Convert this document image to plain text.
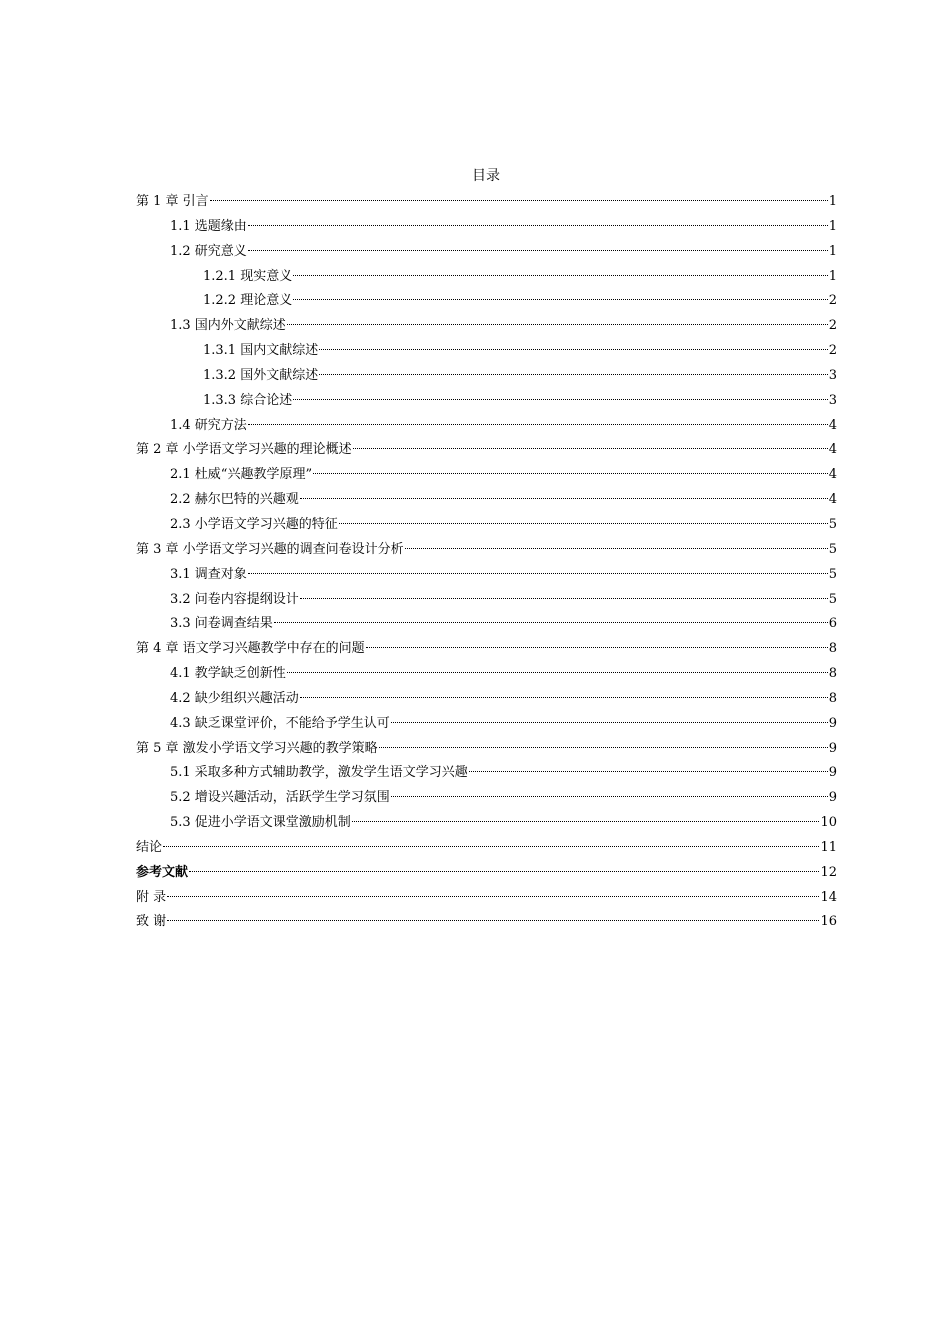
目录
第 1 章 引言	1
1.1 选题缘由	1
1.2 研究意义	1
1.2.1 现实意义	1
1.2.2 理论意义	2
1.3 国内外文献综述	2
1.3.1 国内文献综述	2
1.3.2 国外文献综述	3
1.3.3 综合论述	3
1.4 研究方法	4
第 2 章 小学语文学习兴趣的理论概述	4
2.1 杜威“兴趣教学原理”	4
2.2 赫尔巴特的兴趣观	4
2.3 小学语文学习兴趣的特征	5
第 3 章 小学语文学习兴趣的调查问卷设计分析	5
3.1 调查对象	5
3.2 问卷内容提纲设计	5
3.3 问卷调查结果	6
第 4 章 语文学习兴趣教学中存在的问题	8
4.1 教学缺乏创新性	8
4.2 缺少组织兴趣活动	8
4.3 缺乏课堂评价，不能给予学生认可	9
第 5 章 激发小学语文学习兴趣的教学策略	9
5.1 采取多种方式辅助教学，激发学生语文学习兴趣	9
5.2 增设兴趣活动，活跃学生学习氛围	9
5.3 促进小学语文课堂激励机制	10
结论	11
参考文献	12
附 录	14
致 谢	16
